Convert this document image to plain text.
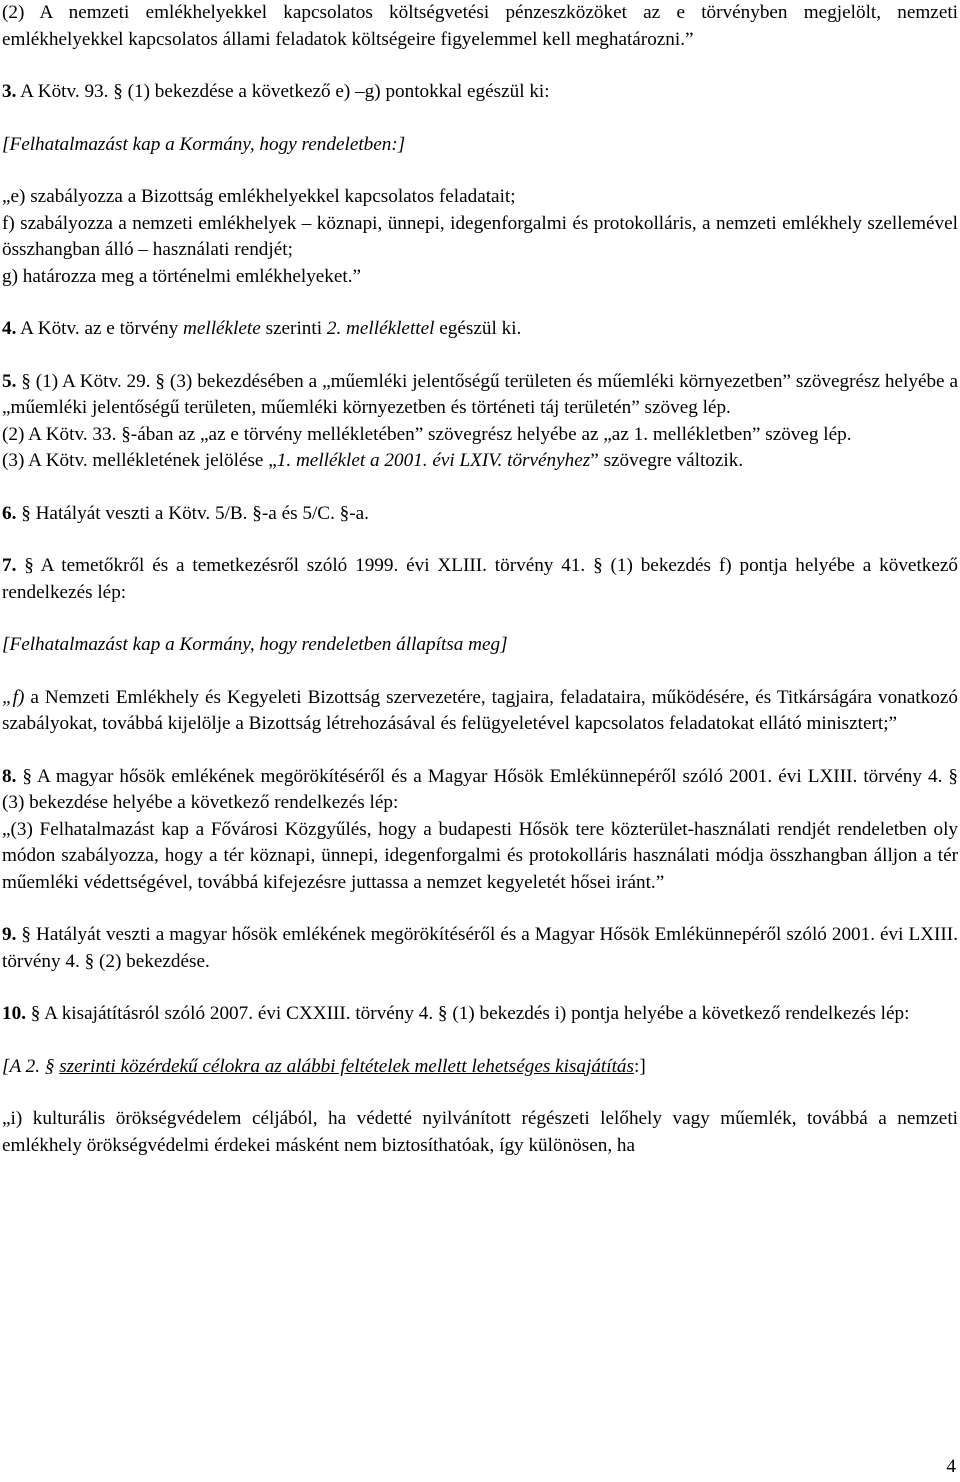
(2) A nemzeti emlékhelyekkel kapcsolatos költségvetési pénzeszközöket az e törvényben megjelölt, nemzeti emlékhelyekkel kapcsolatos állami feladatok költségeire figyelemmel kell meghatározni.”

3. A Kötv. 93. § (1) bekezdése a következő e) –g) pontokkal egészül ki:

[Felhatalmazást kap a Kormány, hogy rendeletben:]

„e) szabályozza a Bizottság emlékhelyekkel kapcsolatos feladatait;

f) szabályozza a nemzeti emlékhelyek – köznapi, ünnepi, idegenforgalmi és protokolláris, a nemzeti emlékhely szellemével összhangban álló – használati rendjét;

g) határozza meg a történelmi emlékhelyeket.”

4. A Kötv. az e törvény melléklete szerinti 2. melléklettel egészül ki.

5. § (1) A Kötv. 29. § (3) bekezdésében a „műemléki jelentőségű területen és műemléki környezetben” szövegrész helyébe a „műemléki jelentőségű területen, műemléki környezetben és történeti táj területén” szöveg lép.

(2) A Kötv. 33. §-ában az „az e törvény mellékletében” szövegrész helyébe az „az 1. mellékletben” szöveg lép.

(3) A Kötv. mellékletének jelölése „1. melléklet a 2001. évi LXIV. törvényhez” szövegre változik.

6. § Hatályát veszti a Kötv. 5/B. §-a és 5/C. §-a.

7. § A temetőkről és a temetkezésről szóló 1999. évi XLIII. törvény 41. § (1) bekezdés f) pontja helyébe a következő rendelkezés lép:

[Felhatalmazást kap a Kormány, hogy rendeletben állapítsa meg]

„f) a Nemzeti Emlékhely és Kegyeleti Bizottság szervezetére, tagjaira, feladataira, működésére, és Titkárságára vonatkozó szabályokat, továbbá kijelölje a Bizottság létrehozásával és felügyeletével kapcsolatos feladatokat ellátó minisztert;”

8. § A magyar hősök emlékének megörökítéséről és a Magyar Hősök Emlékünnepéről szóló 2001. évi LXIII. törvény 4. § (3) bekezdése helyébe a következő rendelkezés lép:

„(3) Felhatalmazást kap a Fővárosi Közgyűlés, hogy a budapesti Hősök tere közterület-használati rendjét rendeletben oly módon szabályozza, hogy a tér köznapi, ünnepi, idegenforgalmi és protokolláris használati módja összhangban álljon a tér műemléki védettségével, továbbá kifejezésre juttassa a nemzet kegyeletét hősei iránt.”

9. § Hatályát veszti a magyar hősök emlékének megörökítéséről és a Magyar Hősök Emlékünnepéről szóló 2001. évi LXIII. törvény 4. § (2) bekezdése.

10. § A kisajátításról szóló 2007. évi CXXIII. törvény 4. § (1) bekezdés i) pontja helyébe a következő rendelkezés lép:

[A 2. § szerinti közérdekű célokra az alábbi feltételek mellett lehetséges kisajátítás:]

„i) kulturális örökségvédelem céljából, ha védetté nyilvánított régészeti lelőhely vagy műemlék, továbbá a nemzeti emlékhely örökségvédelmi érdekei másként nem biztosíthatóak, így különösen, ha

4
